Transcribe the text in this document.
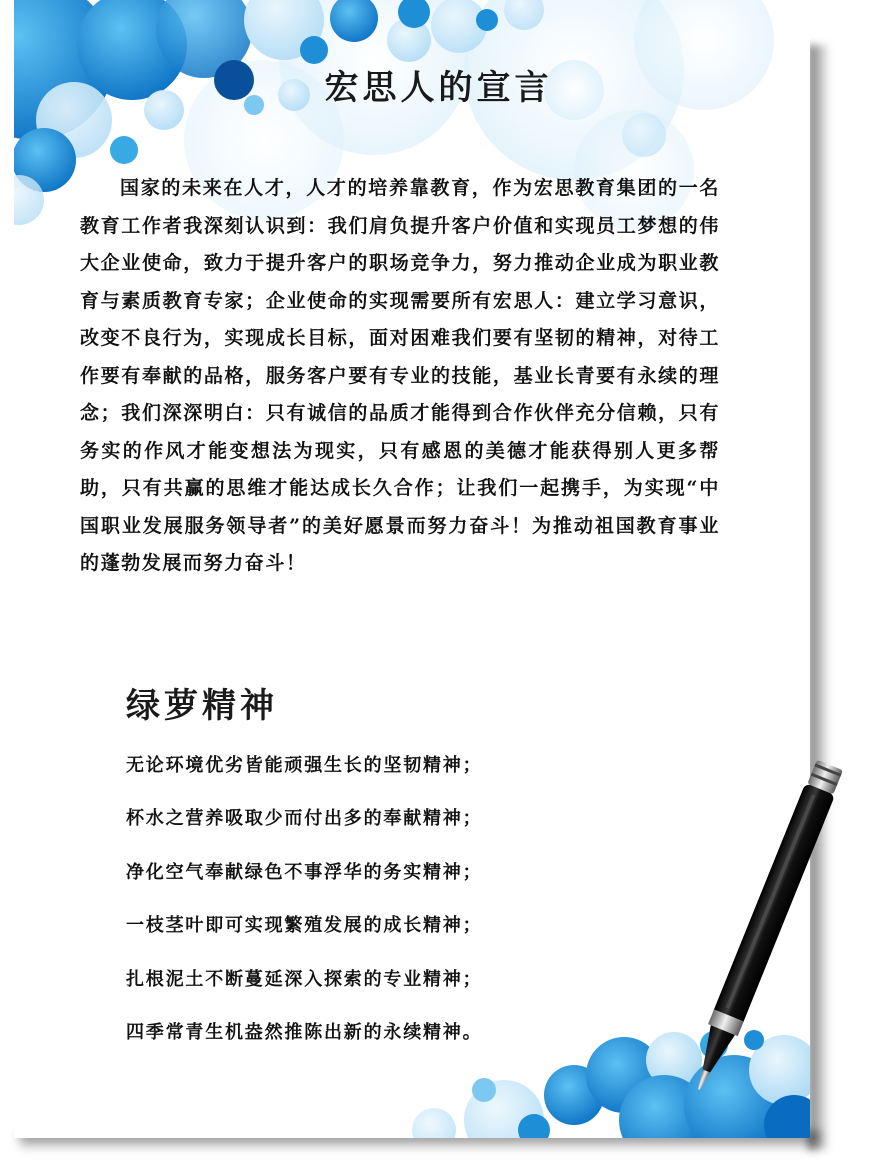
宏思人的宣言

国家的未来在人才，人才的培养靠教育，作为宏思教育集团的一名教育工作者我深刻认识到：我们肩负提升客户价值和实现员工梦想的伟大企业使命，致力于提升客户的职场竞争力，努力推动企业成为职业教育与素质教育专家；企业使命的实现需要所有宏思人：建立学习意识，改变不良行为，实现成长目标，面对困难我们要有坚韧的精神，对待工作要有奉献的品格，服务客户要有专业的技能，基业长青要有永续的理念；我们深深明白：只有诚信的品质才能得到合作伙伴充分信赖，只有务实的作风才能变想法为现实，只有感恩的美德才能获得别人更多帮助，只有共赢的思维才能达成长久合作；让我们一起携手，为实现“中国职业发展服务领导者”的美好愿景而努力奋斗！为推动祖国教育事业的蓬勃发展而努力奋斗！

绿萝精神
无论环境优劣皆能顽强生长的坚韧精神；
杯水之营养吸取少而付出多的奉献精神；
净化空气奉献绿色不事浮华的务实精神；
一枝茎叶即可实现繁殖发展的成长精神；
扎根泥土不断蔓延深入探索的专业精神；
四季常青生机盎然推陈出新的永续精神。
